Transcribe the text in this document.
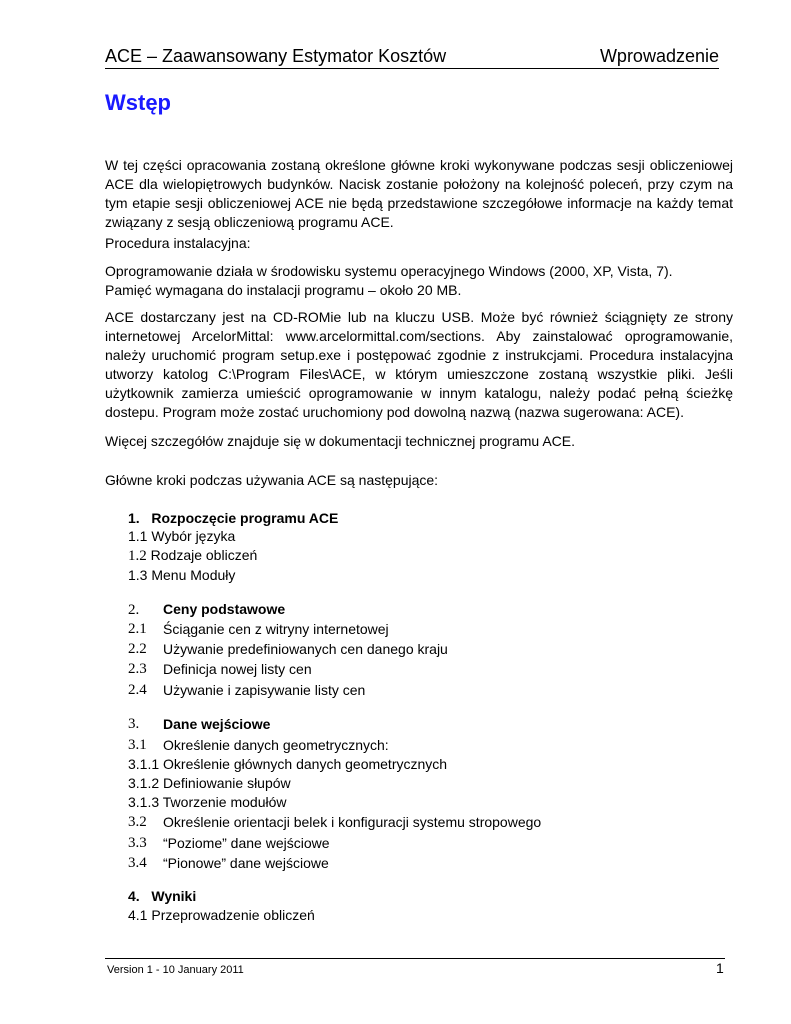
ACE – Zaawansowany Estymator Kosztów	Wprowadzenie
Wstęp

W tej części opracowania zostaną określone główne kroki wykonywane podczas sesji obliczeniowej ACE dla wielopiętrowych budynków. Nacisk zostanie położony na kolejność poleceń, przy czym na tym etapie sesji obliczeniowej ACE nie będą przedstawione szczegółowe informacje na każdy temat związany z sesją obliczeniową programu ACE.

Procedura instalacyjna:

Oprogramowanie działa w środowisku systemu operacyjnego Windows (2000, XP, Vista, 7).

Pamięć wymagana do instalacji programu – około 20 MB.

ACE dostarczany jest na CD-ROMie lub na kluczu USB. Może być również ściągnięty ze strony internetowej ArcelorMittal: www.arcelormittal.com/sections. Aby zainstalować oprogramowanie, należy uruchomić program setup.exe i postępować zgodnie z instrukcjami. Procedura instalacyjna utworzy katolog C:\Program Files\ACE, w którym umieszczone zostaną wszystkie pliki. Jeśli użytkownik zamierza umieścić oprogramowanie w innym katalogu, należy podać pełną ścieżkę dostepu. Program może zostać uruchomiony pod dowolną nazwą (nazwa sugerowana: ACE).

Więcej szczegółów znajduje się w dokumentacji technicznej programu ACE.

Główne kroki podczas używania ACE są następujące:

1. Rozpoczęcie programu ACE

1.1 Wybór języka

1.2 Rodzaje obliczeń

1.3 Menu Moduły

2. Ceny podstawowe

2.1 Ściąganie cen z witryny internetowej

2.2 Używanie predefiniowanych cen danego kraju

2.3 Definicja nowej listy cen

2.4 Używanie i zapisywanie listy cen

3. Dane wejściowe

3.1 Określenie danych geometrycznych:

3.1.1 Określenie głównych danych geometrycznych

3.1.2 Definiowanie słupów

3.1.3 Tworzenie modułów

3.2 Określenie orientacji belek i konfiguracji systemu stropowego

3.3 “Poziome” dane wejściowe

3.4 “Pionowe” dane wejściowe

4. Wyniki

4.1 Przeprowadzenie obliczeń

Version 1 - 10 January 2011	1
